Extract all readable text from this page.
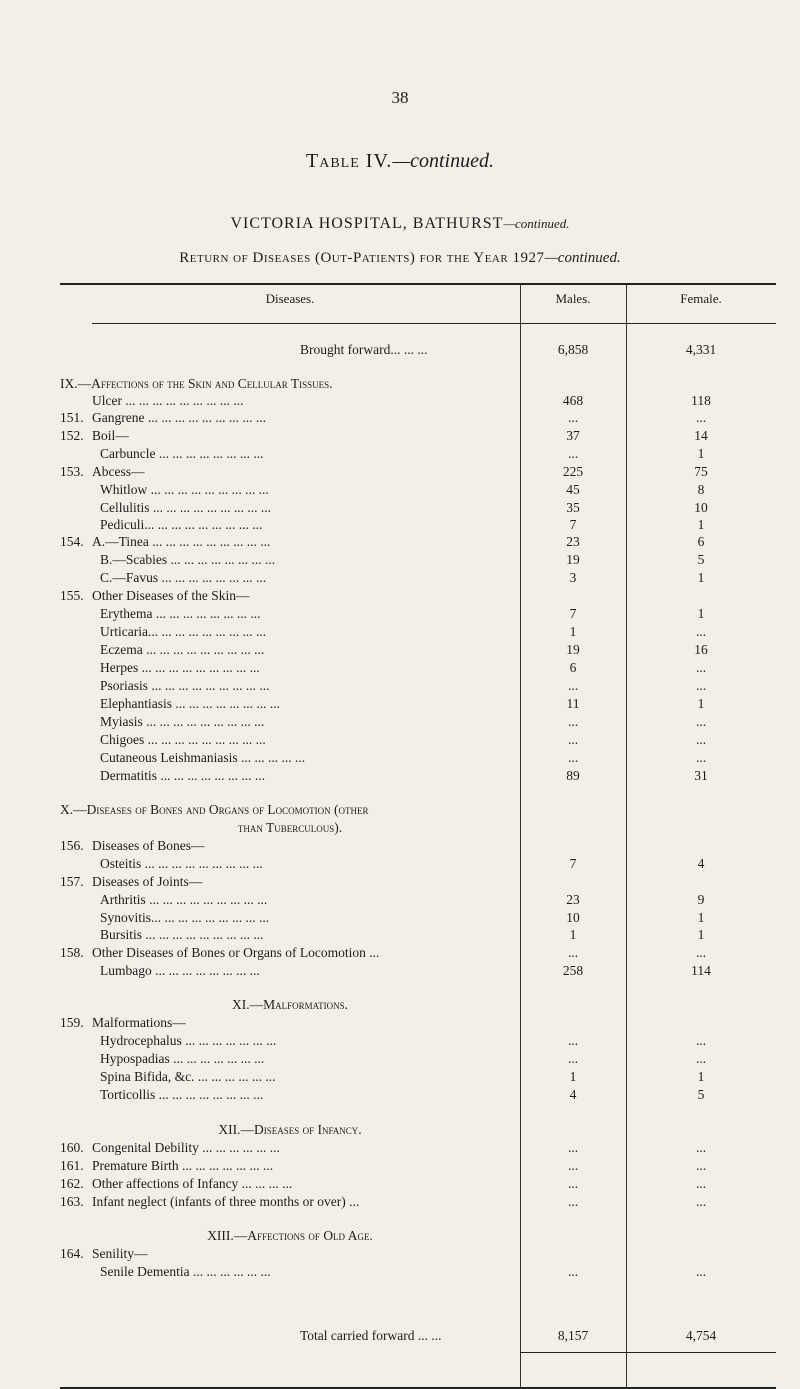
38
Table IV.—continued.
VICTORIA HOSPITAL, BATHURST—continued.
Return of Diseases (Out-Patients) for the Year 1927—continued.
Diseases.	Males.	Female.
Brought forward... ... ...	6,858	4,331
IX.—Affections of the Skin and Cellular Tissues.
Ulcer ... ... ... ... ... ... ... ... ...	468	118
151. Gangrene ... ... ... ... ... ... ... ... ...	...	...
152. Boil—	37	14
Carbuncle ... ... ... ... ... ... ... ...	...	1
153. Abcess—	225	75
Whitlow ... ... ... ... ... ... ... ... ...	45	8
Cellulitis ... ... ... ... ... ... ... ... ...	35	10
Pediculi... ... ... ... ... ... ... ... ...	7	1
154. A.—Tinea ... ... ... ... ... ... ... ... ...	23	6
B.—Scabies ... ... ... ... ... ... ... ...	19	5
C.—Favus ... ... ... ... ... ... ... ...	3	1
155. Other Diseases of the Skin—
Erythema ... ... ... ... ... ... ... ...	7	1
Urticaria... ... ... ... ... ... ... ... ...	1	...
Eczema ... ... ... ... ... ... ... ... ...	19	16
Herpes ... ... ... ... ... ... ... ... ...	6	...
Psoriasis ... ... ... ... ... ... ... ... ...	...	...
Elephantiasis ... ... ... ... ... ... ... ...	11	1
Myiasis ... ... ... ... ... ... ... ... ...	...	...
Chigoes ... ... ... ... ... ... ... ... ...	...	...
Cutaneous Leishmaniasis ... ... ... ... ...	...	...
Dermatitis ... ... ... ... ... ... ... ...	89	31
X.—Diseases of Bones and Organs of Locomotion (other
than Tuberculous).
156. Diseases of Bones—
Osteitis ... ... ... ... ... ... ... ... ...	7	4
157. Diseases of Joints—
Arthritis ... ... ... ... ... ... ... ... ...	23	9
Synovitis... ... ... ... ... ... ... ... ...	10	1
Bursitis ... ... ... ... ... ... ... ... ...	1	1
158. Other Diseases of Bones or Organs of Locomotion ...	...	...
Lumbago ... ... ... ... ... ... ... ...	258	114
XI.—Malformations.
159. Malformations—
Hydrocephalus ... ... ... ... ... ... ...	...	...
Hypospadias ... ... ... ... ... ... ...	...	...
Spina Bifida, &c. ... ... ... ... ... ...	1	1
Torticollis ... ... ... ... ... ... ... ...	4	5
XII.—Diseases of Infancy.
160. Congenital Debility ... ... ... ... ... ...	...	...
161. Premature Birth ... ... ... ... ... ... ...	...	...
162. Other affections of Infancy ... ... ... ...	...	...
163. Infant neglect (infants of three months or over) ...	...	...
XIII.—Affections of Old Age.
164. Senility—
Senile Dementia ... ... ... ... ... ...	...	...
Total carried forward ... ...	8,157	4,754
